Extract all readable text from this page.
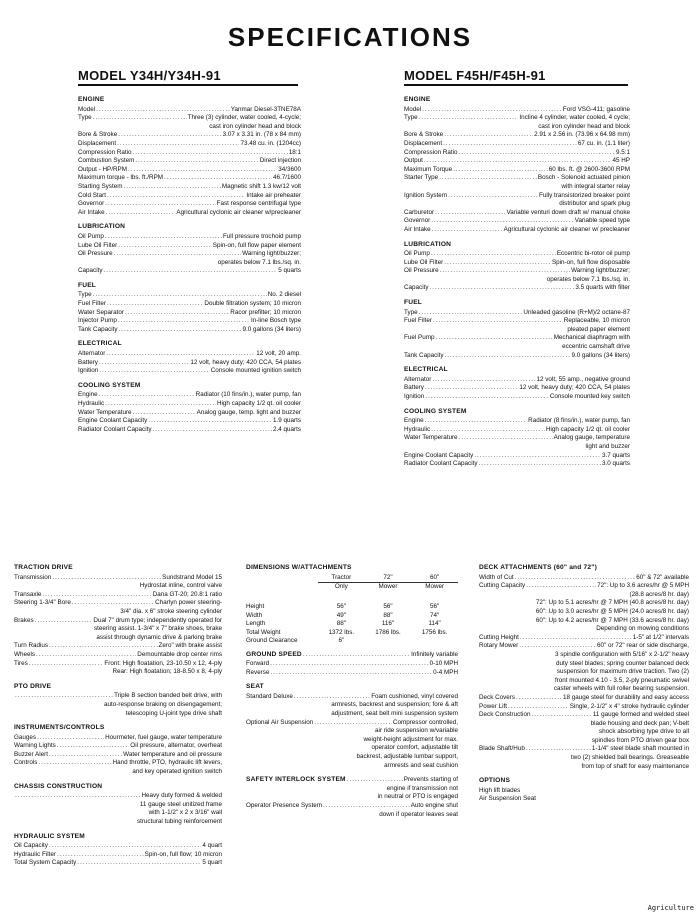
SPECIFICATIONS
MODEL Y34H/Y34H-91	MODEL F45H/F45H-91
ENGINE
Model .....	Yanmar Diesel-3TNE78A
Type .....	Three (3) cylinder, water cooled, 4-cycle;
cast iron cylinder head and block
Bore & Stroke .....	3.07 x 3.31 in. (78 x 84 mm)
Displacement .....	73.48 cu. in. (1204cc)
Compression Ratio .....	18:1
Combustion System .....	Direct injection
Output - HP/RPM .....	34/3600
Maximum torque - lbs. ft./RPM .....	46.7/1600
Starting System .....	Magnetic shift 1.3 kw/12 volt
Cold Start .....	Intake air preheater
Governor .....	Fast response centrifugal type
Air Intake .....	Agricultural cyclonic air cleaner w/precleaner
LUBRICATION
Oil Pump .....	Full pressure trochoid pump
Lube Oil Filter .....	Spin-on, full flow paper element
Oil Pressure .....	Warning light/buzzer;
operates below 7.1 lbs./sq. in.
Capacity .....	5 quarts
FUEL
Type .....	No. 2 diesel
Fuel Filter .....	Double filtration system; 10 micron
Water Separator .....	Racor prefilter; 10 micron
Injector Pump .....	In-line Bosch type
Tank Capacity .....	9.0 gallons (34 liters)
ELECTRICAL
Alternator .....	12 volt, 20 amp.
Battery .....	12 volt, heavy duty; 420 CCA, 54 plates
Ignition .....	Console mounted ignition switch
COOLING SYSTEM
Engine .....	Radiator (10 fins/in.), water pump, fan
Hydraulic .....	High capacity 1/2 qt. oil cooler
Water Temperature .....	Analog gauge, temp. light and buzzer
Engine Coolant Capacity .....	1.9 quarts
Radiator Coolant Capacity .....	2.4 quarts
ENGINE
Model .....	Ford VSG-411; gasoline
Type .....	Incline 4 cylinder, water cooled, 4 cycle;
cast iron cylinder head and block
Bore & Stroke .....	2.91 x 2.56 in. (73.96 x 64.98 mm)
Displacement .....	67 cu. in. (1.1 liter)
Compression Ratio .....	9.5:1
Output .....	45 HP
Maximum Torque .....	60 lbs. ft. @ 2600-3600 RPM
Starter Type .....	Bosch - Solenoid actuated pinion
with integral starter relay
Ignition System .....	Fully transistorized breaker point
distributor and spark plug
Carburetor .....	Variable venturi down draft w/ manual choke
Governor .....	Variable speed type
Air Intake .....	Agricultural cyclonic air cleaner w/ precleaner
LUBRICATION
Oil Pump .....	Eccentric bi-rotor oil pump
Lube Oil Filter .....	Spin-on, full flow disposable
Oil Pressure .....	Warning light/buzzer;
operates below 7.1 lbs./sq. in.
Capacity .....	3.5 quarts with filter
FUEL
Type .....	Unleaded gasoline (R+M)/2 octane-87
Fuel Filter .....	Replaceable, 10 micron
pleated paper element
Fuel Pump .....	Mechanical diaphragm with
eccentric camshaft drive
Tank Capacity .....	9.0 gallons (34 liters)
ELECTRICAL
Alternator .....	12 volt, 55 amp., negative ground
Battery .....	12 volt, heavy duty; 420 CCA, 54 plates
Ignition .....	Console mounted key switch
COOLING SYSTEM
Engine .....	Radiator (8 fins/in.), water pump, fan
Hydraulic .....	High capacity 1/2 qt. oil cooler
Water Temperature .....	Analog gauge, temperature
light and buzzer
Engine Coolant Capacity .....	3.7 quarts
Radiator Coolant Capacity .....	3.0 quarts
TRACTION DRIVE
Transmission .....	Sundstrand Model 15
Hydrostat inline, control valve
Transaxle .....	Dana GT-20; 20.8:1 ratio
Steering 1-3/4" Bore .....	Charlyn power steering-
3/4" dia. x 6" stroke steering cylinder
Brakes .....	Dual 7" drum type; independently operated for
steering assist. 1-3/4" x 7" brake shoes, brake
assist through dynamic drive & parking brake
Turn Radius .....	Zero" with brake assist
Wheels .....	Demountable drop center rims
Tires .....	Front: High floatation, 23-10.50 x 12, 4-ply
Rear: High floatation; 18-8.50 x 8, 4-ply
PTO DRIVE
.....
Triple B section banded belt drive, with
auto-response braking on disengagement;
telescoping U-joint type drive shaft
INSTRUMENTS/CONTROLS
Gauges .....	Hourmeter, fuel gauge, water temperature
Warning Lights .....	Oil pressure, alternator, overheat
Buzzer Alert .....	Water temperature and oil pressure
Controls .....	Hand throttle, PTO, hydraulic lift levers,
and key operated ignition switch
CHASSIS CONSTRUCTION
.....
Heavy duty formed & welded
11 gauge steel unitized frame
with 1-1/2" x 2 x 3/16" wall
structural tubing reinforcement
HYDRAULIC SYSTEM
Oil Capacity .....	4 quart
Hydraulic Filter .....	Spin-on, full flow; 10 micron
Total System Capacity .....	5 quart
DIMENSIONS W/ATTACHMENTS
	Tractor	72"	60"
	Only	Mower	Mower

Height	56"	56"	56"
Width	49"	88"	74"
Length	88"	116"	114"
Total Weight	1372 lbs.	1786 lbs.	1756 lbs.
Ground Clearance	6"		
GROUND SPEED .....	Infinitely variable
Forward .....	0-10 MPH
Reverse .....	0-4 MPH
SEAT
Standard Deluxe .....	Foam cushioned, vinyl covered
armrests, backrest and suspension; fore & aft
adjustment, seat belt mini suspension system
Optional Air Suspension .....	Compressor controlled,
air ride suspension w/variable
weight-height adjustment for max.
operator comfort, adjustable tilt
backrest, adjustable lumbar support,
armrests and seat cushion
SAFETY INTERLOCK SYSTEM .....	Prevents starting of
engine if transmission not
in neutral or PTO is engaged
Operator Presence System .....	Auto engine shut
down if operator leaves seat
DECK ATTACHMENTS (60" and 72")
Width of Cut .....	60" & 72" available
Cutting Capacity .....	72": Up to 3.6 acres/hr @ 5 MPH
(28.8 acres/8 hr. day)
72": Up to 5.1 acres/hr @ 7 MPH (40.8 acres/8 hr. day)
60": Up to 3.0 acres/hr @ 5 MPH (24.0 acres/8 hr. day)
60": Up to 4.2 acres/hr @ 7 MPH (33.6 acres/8 hr. day)
Depending on mowing conditions
Cutting Height .....	1-5" at 1/2" intervals
Rotary Mower .....	60" or 72" rear or side discharge,
3 spindle configuration with 5/16" x 2-1/2" heavy
duty steel blades; spring counter balanced deck
suspension for maximum drive traction. Two (2)
front mounted 4.10 - 3.5, 2-ply pneumatic swivel
caster wheels with full roller bearing suspension.
Deck Covers .....	18 gauge steel for durability and easy access
Power Lift .....	Single, 2-1/2" x 4" stroke hydraulic cylinder
Deck Construction .....	11 gauge formed and welded steel
blade housing and deck pan; V-belt
shock absorbing type drive to all
spindles from PTO driven gear box
Blade Shaft/Hub .....	1-1/4" steel blade shaft mounted in
two (2) shielded ball bearings. Greaseable
from top of shaft for easy maintenance
OPTIONS
High lift blades
Air Suspension Seat
Agriculture
